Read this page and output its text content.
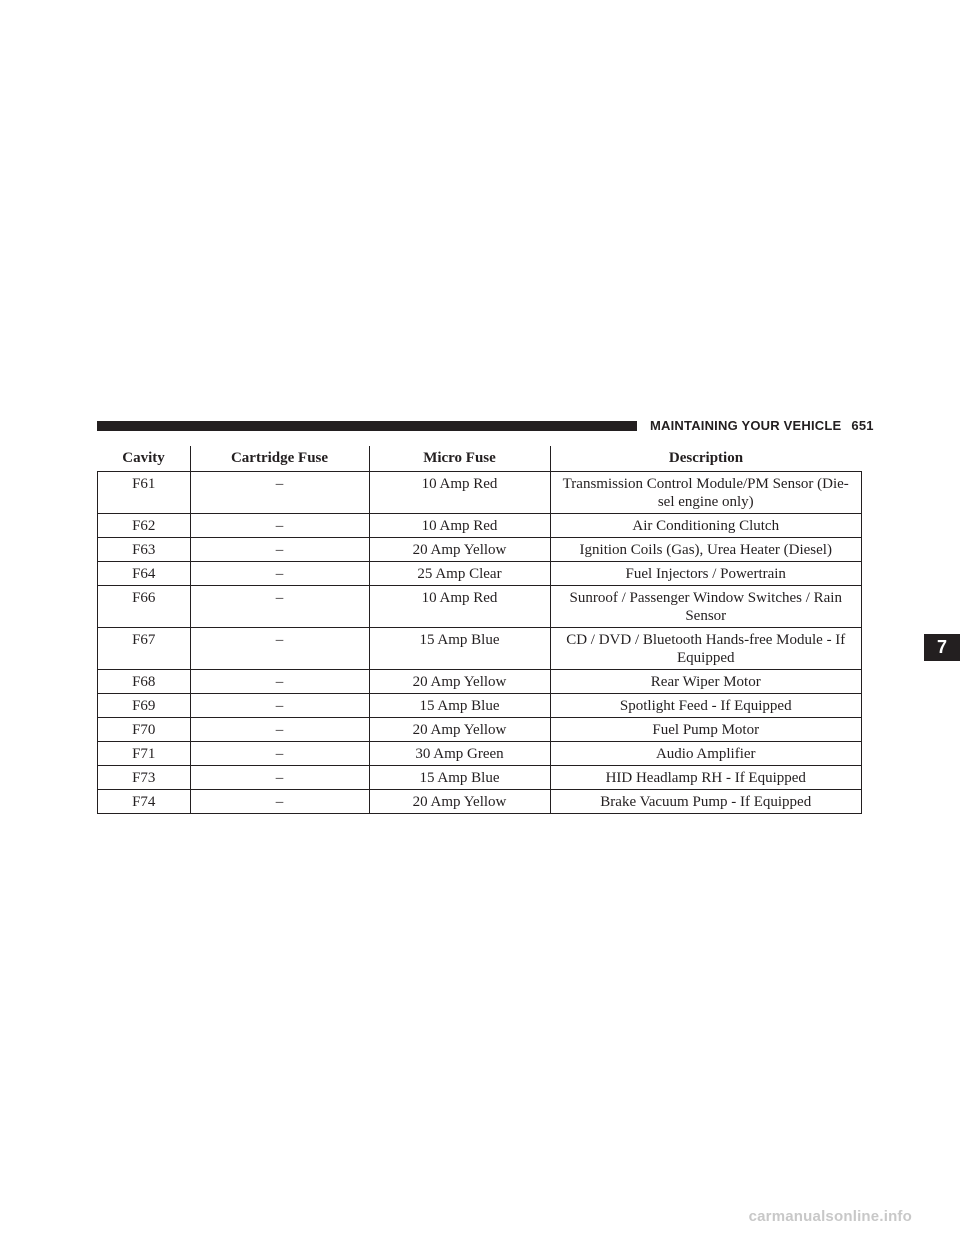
MAINTAINING YOUR VEHICLE 651
7
Cavity	Cartridge Fuse	Micro Fuse	Description
F61	–	10 Amp Red	Transmission Control Module/PM Sensor (Die-sel engine only)
F62	–	10 Amp Red	Air Conditioning Clutch
F63	–	20 Amp Yellow	Ignition Coils (Gas), Urea Heater (Diesel)
F64	–	25 Amp Clear	Fuel Injectors / Powertrain
F66	–	10 Amp Red	Sunroof / Passenger Window Switches / Rain Sensor
F67	–	15 Amp Blue	CD / DVD / Bluetooth Hands-free Module - If Equipped
F68	–	20 Amp Yellow	Rear Wiper Motor
F69	–	15 Amp Blue	Spotlight Feed - If Equipped
F70	–	20 Amp Yellow	Fuel Pump Motor
F71	–	30 Amp Green	Audio Amplifier
F73	–	15 Amp Blue	HID Headlamp RH - If Equipped
F74	–	20 Amp Yellow	Brake Vacuum Pump - If Equipped
carmanualsonline.info
